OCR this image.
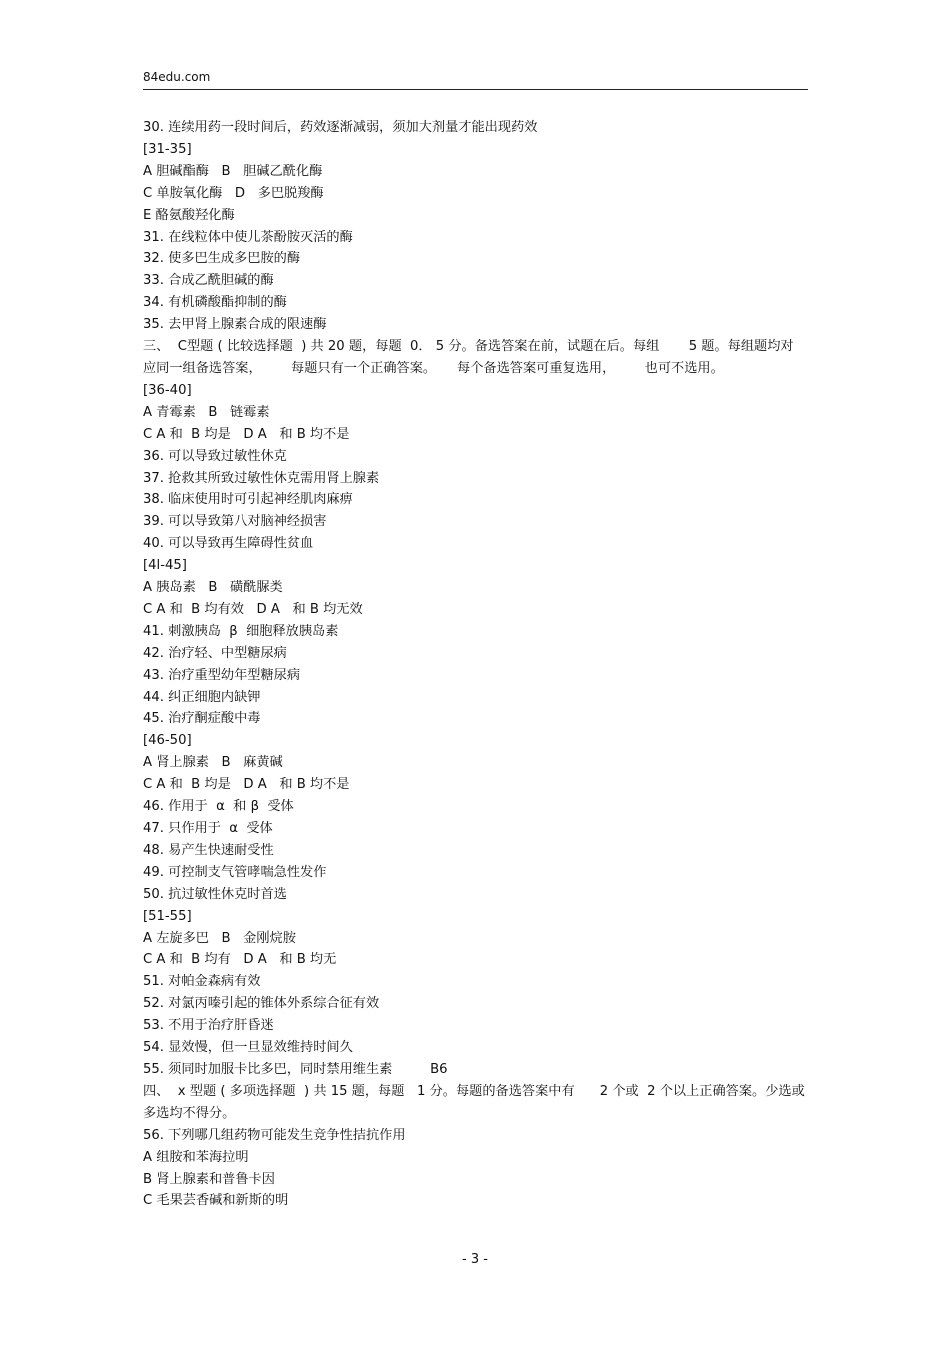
84edu.com

30. 连续用药一段时间后，药效逐渐减弱，须加大剂量才能出现药效

[31-35]

A 胆碱酯酶   B   胆碱乙酰化酶

C 单胺氧化酶   D   多巴脱羧酶

E 酪氨酸羟化酶

31. 在线粒体中使儿茶酚胺灭活的酶

32. 使多巴生成多巴胺的酶

33. 合成乙酰胆碱的酶

34. 有机磷酸酯抑制的酶

35. 去甲肾上腺素合成的限速酶

三、  C型题 ( 比较选择题  ) 共 20 题，每题  0． 5 分。备选答案在前，试题在后。每组       5 题。每组题均对应同一组备选答案，       每题只有一个正确答案。     每个备选答案可重复选用，       也可不选用。

[36-40]

A 青霉素   B   链霉素

C A 和  B 均是   D A   和 B 均不是

36. 可以导致过敏性休克

37. 抢救其所致过敏性休克需用肾上腺素

38. 临床使用时可引起神经肌肉麻痹

39. 可以导致第八对脑神经损害

40. 可以导致再生障碍性贫血

[4l-45]

A 胰岛素   B   磺酰脲类

C A 和  B 均有效   D A   和 B 均无效

41. 刺激胰岛  β  细胞释放胰岛素

42. 治疗轻、中型糖尿病

43. 治疗重型幼年型糖尿病

44. 纠正细胞内缺钾

45. 治疗酮症酸中毒

[46-50]

A 肾上腺素   B   麻黄碱

C A 和  B 均是   D A   和 B 均不是

46. 作用于  α  和 β  受体

47. 只作用于  α  受体

48. 易产生快速耐受性

49. 可控制支气管哮喘急性发作

50. 抗过敏性休克时首选

[51-55]

A 左旋多巴   B   金刚烷胺

C A 和  B 均有   D A   和 B 均无

51. 对帕金森病有效

52. 对氯丙嗪引起的锥体外系综合征有效

53. 不用于治疗肝昏迷

54. 显效慢，但一旦显效维持时间久

55. 须同时加服卡比多巴，同时禁用维生素         B6

四、  x 型题 ( 多项选择题  ) 共 15 题，每题   1 分。每题的备选答案中有      2 个或  2 个以上正确答案。少选或多选均不得分。

56. 下列哪几组药物可能发生竞争性拮抗作用

A 组胺和苯海拉明

B 肾上腺素和普鲁卡因

C 毛果芸香碱和新斯的明

- 3 -
